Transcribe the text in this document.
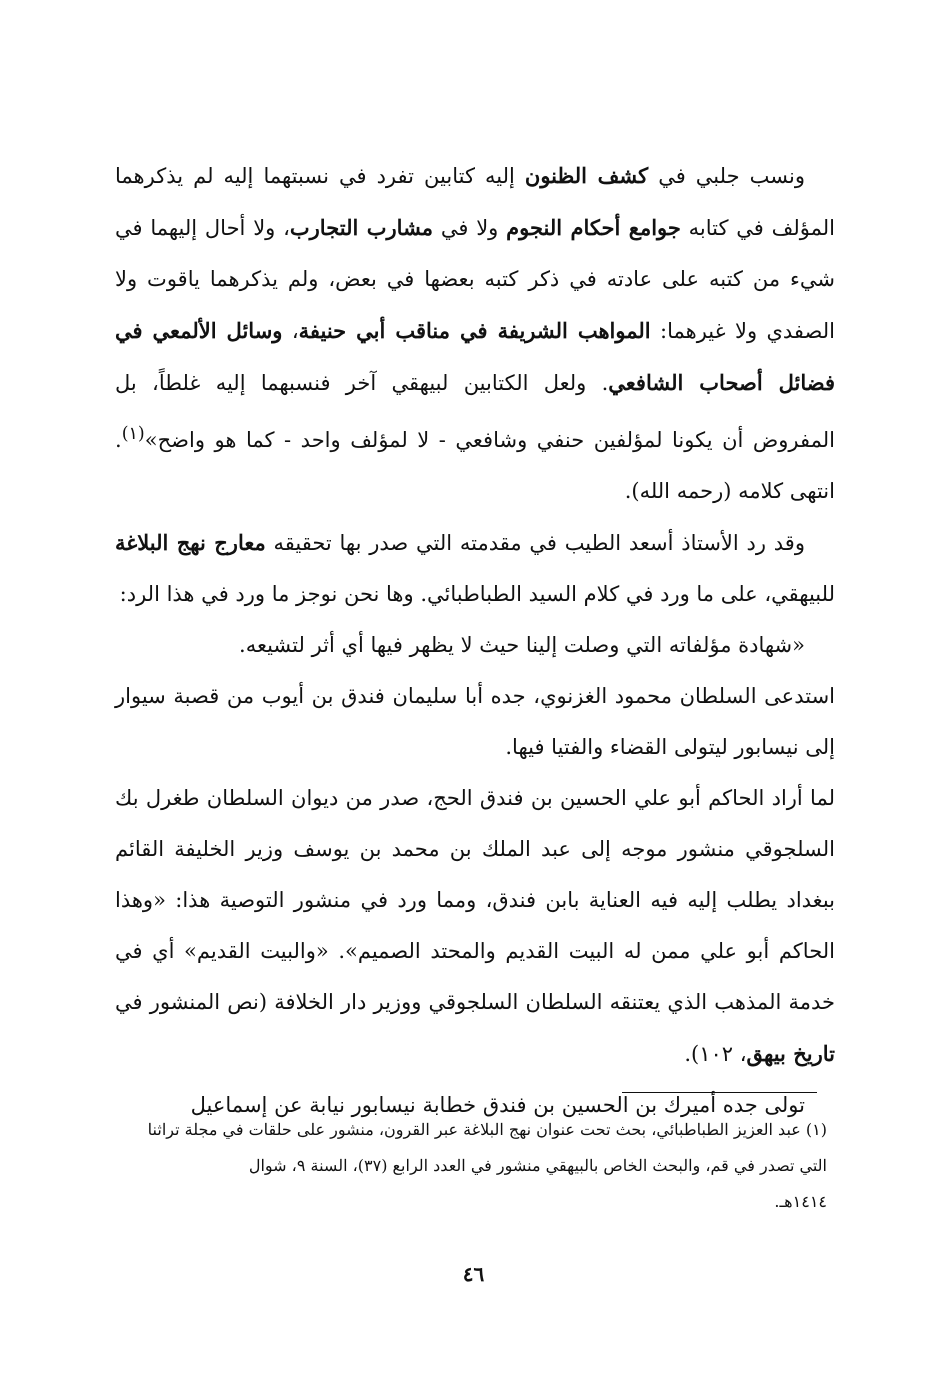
ونسب جلبي في كشف الظنون إليه كتابين تفرد في نسبتهما إليه لم يذكرهما المؤلف في كتابه جوامع أحكام النجوم ولا في مشارب التجارب، ولا أحال إليهما في شيء من كتبه على عادته في ذكر كتبه بعضها في بعض، ولم يذكرهما ياقوت ولا الصفدي ولا غيرهما: المواهب الشريفة في مناقب أبي حنيفة، وسائل الألمعي في فضائل أصحاب الشافعي. ولعل الكتابين لبيهقي آخر فنسبهما إليه غلطاً، بل المفروض أن يكونا لمؤلفين حنفي وشافعي - لا لمؤلف واحد - كما هو واضح»$^{(١)}$. انتهى كلامه (رحمه الله).

وقد رد الأستاذ أسعد الطيب في مقدمته التي صدر بها تحقيقه معارج نهج البلاغة للبيهقي، على ما ورد في كلام السيد الطباطبائي. وها نحن نوجز ما ورد في هذا الرد:

«شهادة مؤلفاته التي وصلت إلينا حيث لا يظهر فيها أي أثر لتشيعه.

استدعى السلطان محمود الغزنوي، جده أبا سليمان فندق بن أيوب من قصبة سيوار إلى نيسابور ليتولى القضاء والفتيا فيها.

لما أراد الحاكم أبو علي الحسين بن فندق الحج، صدر من ديوان السلطان طغرل بك السلجوقي منشور موجه إلى عبد الملك بن محمد بن يوسف وزير الخليفة القائم ببغداد يطلب إليه فيه العناية بابن فندق، ومما ورد في منشور التوصية هذا: «وهذا الحاكم أبو علي ممن له البيت القديم والمحتد الصميم». «والبيت القديم» أي في خدمة المذهب الذي يعتنقه السلطان السلجوقي ووزير دار الخلافة (نص المنشور في تاريخ بيهق، ١٠٢).

تولى جده أميرك بن الحسين بن فندق خطابة نيسابور نيابة عن إسماعيل

(١) عبد العزيز الطباطبائي، بحث تحت عنوان نهج البلاغة عبر القرون، منشور على حلقات في مجلة تراثنا

التي تصدر في قم، والبحث الخاص بالبيهقي منشور في العدد الرابع (٣٧)، السنة ٩، شوال

١٤١٤هـ.

٤٦
